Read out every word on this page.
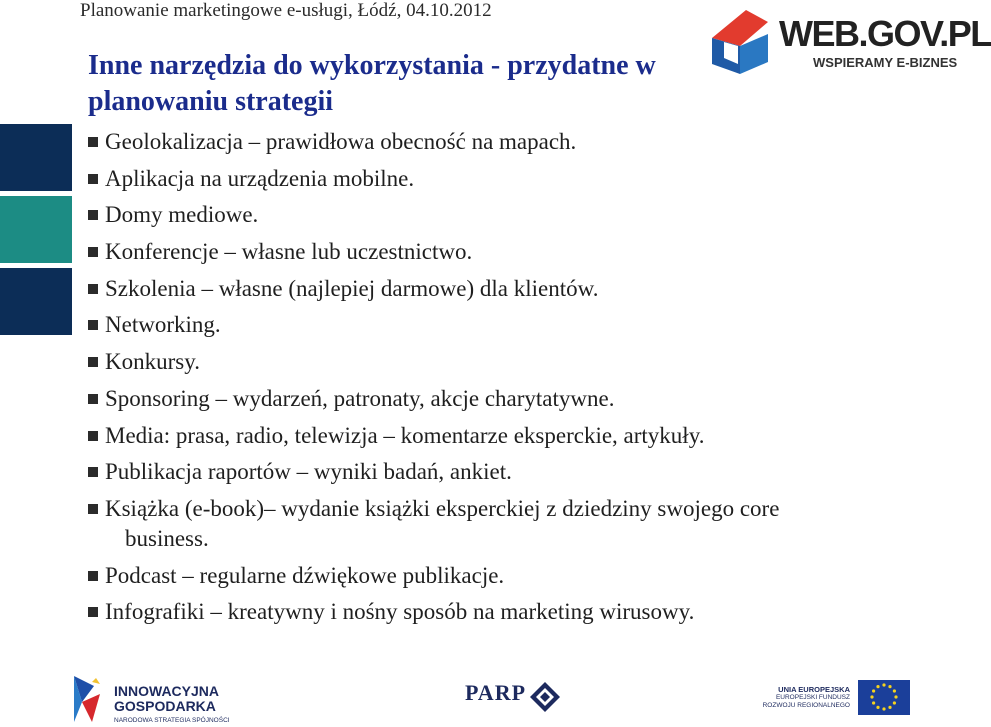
Planowanie marketingowe e-usługi, Łódź, 04.10.2012
WEB.GOV.PL
WSPIERAMY E-BIZNES
Inne narzędzia do wykorzystania - przydatne w planowaniu strategii
Geolokalizacja – prawidłowa obecność na mapach.
Aplikacja na urządzenia mobilne.
Domy mediowe.
Konferencje – własne lub uczestnictwo.
Szkolenia – własne (najlepiej darmowe) dla klientów.
Networking.
Konkursy.
Sponsoring – wydarzeń, patronaty, akcje charytatywne.
Media: prasa, radio, telewizja – komentarze eksperckie, artykuły.
Publikacja raportów – wyniki badań, ankiet.
Książka (e-book)– wydanie książki eksperckiej z dziedziny swojego core
business.
Podcast – regularne dźwiękowe publikacje.
Infografiki – kreatywny i nośny sposób na marketing wirusowy.
INNOWACYJNA
GOSPODARKA
NARODOWA STRATEGIA SPÓJNOŚCI
PARP	UNIA EUROPEJSKA
EUROPEJSKI FUNDUSZ
ROZWOJU REGIONALNEGO
